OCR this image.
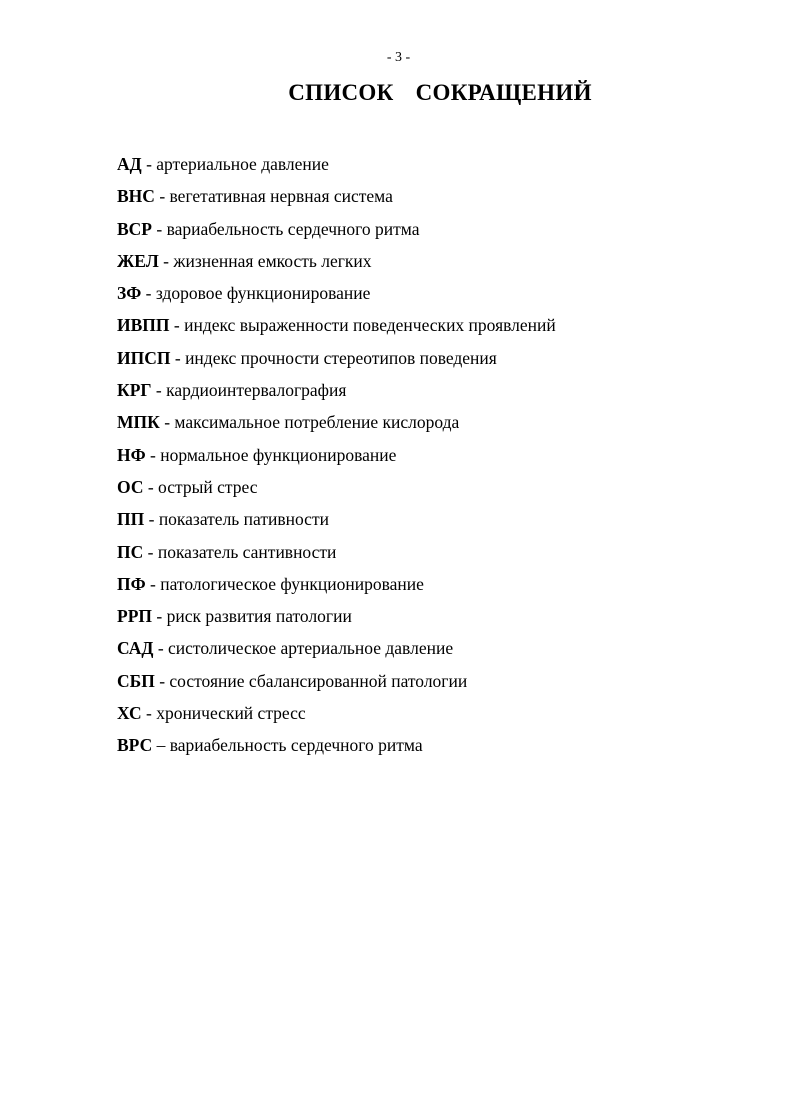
- 3 -
СПИСОК СОКРАЩЕНИЙ
АД - артериальное давление
ВНС - вегетативная нервная система
ВСР - вариабельность сердечного ритма
ЖЕЛ - жизненная емкость легких
ЗФ - здоровое функционирование
ИВПП - индекс выраженности поведенческих проявлений
ИПСП - индекс прочности стереотипов поведения
КРГ - кардиоинтервалография
МПК - максимальное потребление кислорода
НФ - нормальное функционирование
ОС - острый стрес
ПП - показатель пативности
ПС - показатель сантивности
ПФ - патологическое функционирование
РРП - риск развития патологии
САД - систолическое артериальное давление
СБП - состояние сбалансированной патологии
ХС - хронический стресс
ВРС – вариабельность сердечного ритма
